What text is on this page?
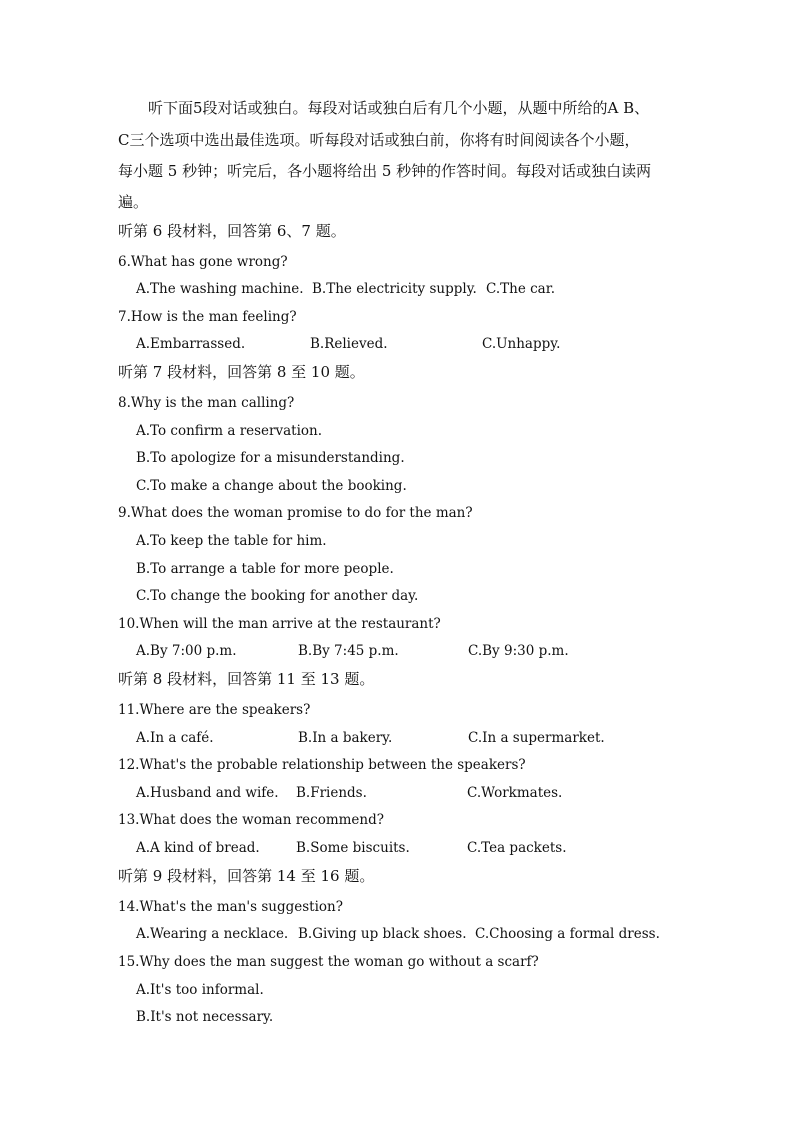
　　听下面5段对话或独白。每段对话或独白后有几个小题，从题中所给的A B、
C三个选项中选出最佳选项。听每段对话或独白前，你将有时间阅读各个小题，
每小题 5 秒钟；听完后，各小题将给出 5 秒钟的作答时间。每段对话或独白读两
遍。
听第 6 段材料，回答第 6、7 题。
6.What has gone wrong?
A.The washing machine. B.The electricity supply. C.The car.
7.How is the man feeling?
A.Embarrassed.	B.Relieved.	C.Unhappy.
听第 7 段材料，回答第 8 至 10 题。
8.Why is the man calling?
A.To confirm a reservation.
B.To apologize for a misunderstanding.
C.To make a change about the booking.
9.What does the woman promise to do for the man?
A.To keep the table for him.
B.To arrange a table for more people.
C.To change the booking for another day.
10.When will the man arrive at the restaurant?
A.By 7:00 p.m.	B.By 7:45 p.m.	C.By 9:30 p.m.
听第 8 段材料，回答第 11 至 13 题。
11.Where are the speakers?
A.In a café.	B.In a bakery.	C.In a supermarket.
12.What's the probable relationship between the speakers?
A.Husband and wife. B.Friends.	C.Workmates.
13.What does the woman recommend?
A.A kind of bread.	B.Some biscuits.	C.Tea packets.
听第 9 段材料，回答第 14 至 16 题。
14.What's the man's suggestion?
A.Wearing a necklace. B.Giving up black shoes. C.Choosing a formal dress.
15.Why does the man suggest the woman go without a scarf?
A.It's too informal.
B.It's not necessary.
